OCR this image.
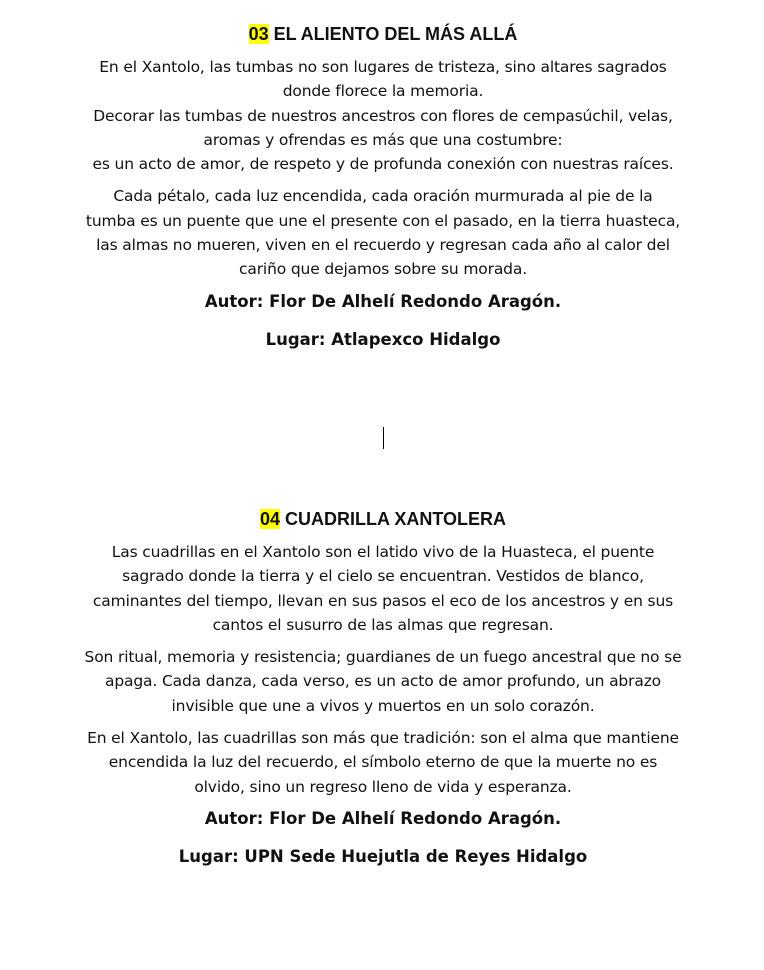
03 EL ALIENTO DEL MÁS ALLÁ
En el Xantolo, las tumbas no son lugares de tristeza, sino altares sagrados
donde florece la memoria.
Decorar las tumbas de nuestros ancestros con flores de cempasúchil, velas,
aromas y ofrendas es más que una costumbre:
es un acto de amor, de respeto y de profunda conexión con nuestras raíces.
Cada pétalo, cada luz encendida, cada oración murmurada al pie de la
tumba es un puente que une el presente con el pasado, en la tierra huasteca,
las almas no mueren, viven en el recuerdo y regresan cada año al calor del
cariño que dejamos sobre su morada.
Autor: Flor De Alhelí Redondo Aragón.
Lugar: Atlapexco Hidalgo
04 CUADRILLA XANTOLERA
Las cuadrillas en el Xantolo son el latido vivo de la Huasteca, el puente
sagrado donde la tierra y el cielo se encuentran. Vestidos de blanco,
caminantes del tiempo, llevan en sus pasos el eco de los ancestros y en sus
cantos el susurro de las almas que regresan.
Son ritual, memoria y resistencia; guardianes de un fuego ancestral que no se
apaga. Cada danza, cada verso, es un acto de amor profundo, un abrazo
invisible que une a vivos y muertos en un solo corazón.
En el Xantolo, las cuadrillas son más que tradición: son el alma que mantiene
encendida la luz del recuerdo, el símbolo eterno de que la muerte no es
olvido, sino un regreso lleno de vida y esperanza.
Autor: Flor De Alhelí Redondo Aragón.
Lugar: UPN Sede Huejutla de Reyes Hidalgo
